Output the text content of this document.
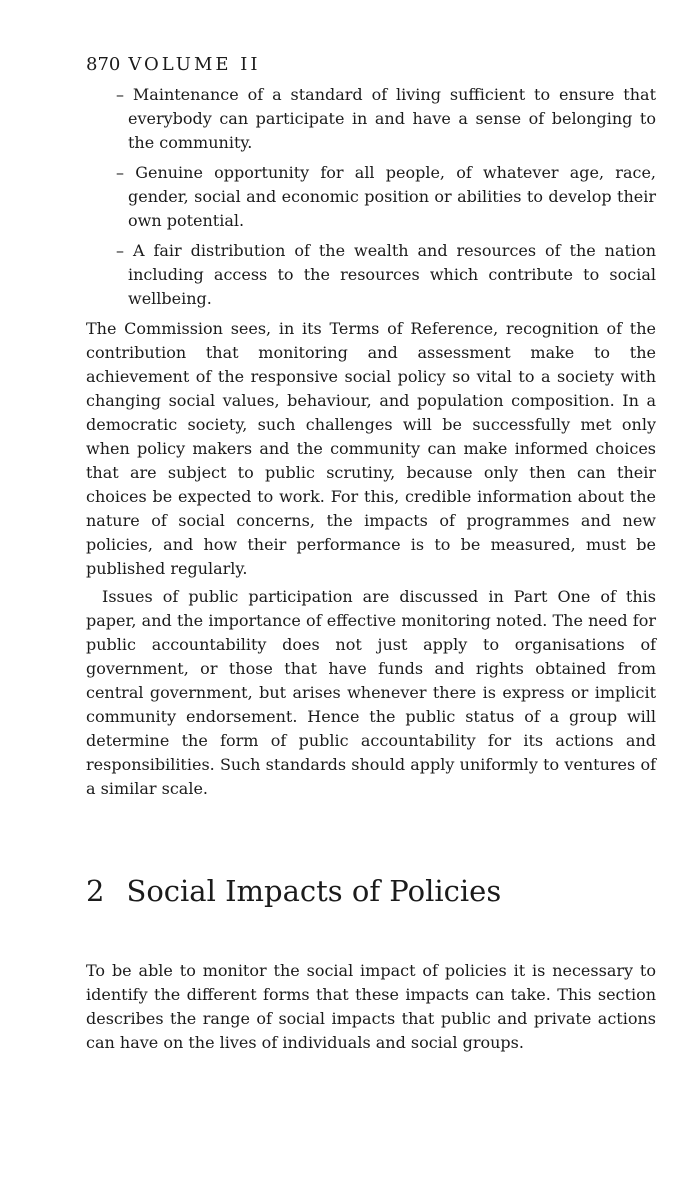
870 VOLUME II
– Maintenance of a standard of living sufficient to ensure that everybody can participate in and have a sense of belonging to the community.
– Genuine opportunity for all people, of whatever age, race, gender, social and economic position or abilities to develop their own potential.
– A fair distribution of the wealth and resources of the nation including access to the resources which contribute to social wellbeing.

The Commission sees, in its Terms of Reference, recognition of the contribution that monitoring and assessment make to the achievement of the responsive social policy so vital to a society with changing social values, behaviour, and population composition. In a democratic society, such challenges will be successfully met only when policy makers and the community can make informed choices that are subject to public scrutiny, because only then can their choices be expected to work. For this, credible information about the nature of social concerns, the impacts of programmes and new policies, and how their performance is to be measured, must be published regularly.

Issues of public participation are discussed in Part One of this paper, and the importance of effective monitoring noted. The need for public accountability does not just apply to organisations of government, or those that have funds and rights obtained from central government, but arises whenever there is express or implicit community endorsement. Hence the public status of a group will determine the form of public accountability for its actions and responsibilities. Such standards should apply uniformly to ventures of a similar scale.

2 Social Impacts of Policies

To be able to monitor the social impact of policies it is necessary to identify the different forms that these impacts can take. This section describes the range of social impacts that public and private actions can have on the lives of individuals and social groups.
